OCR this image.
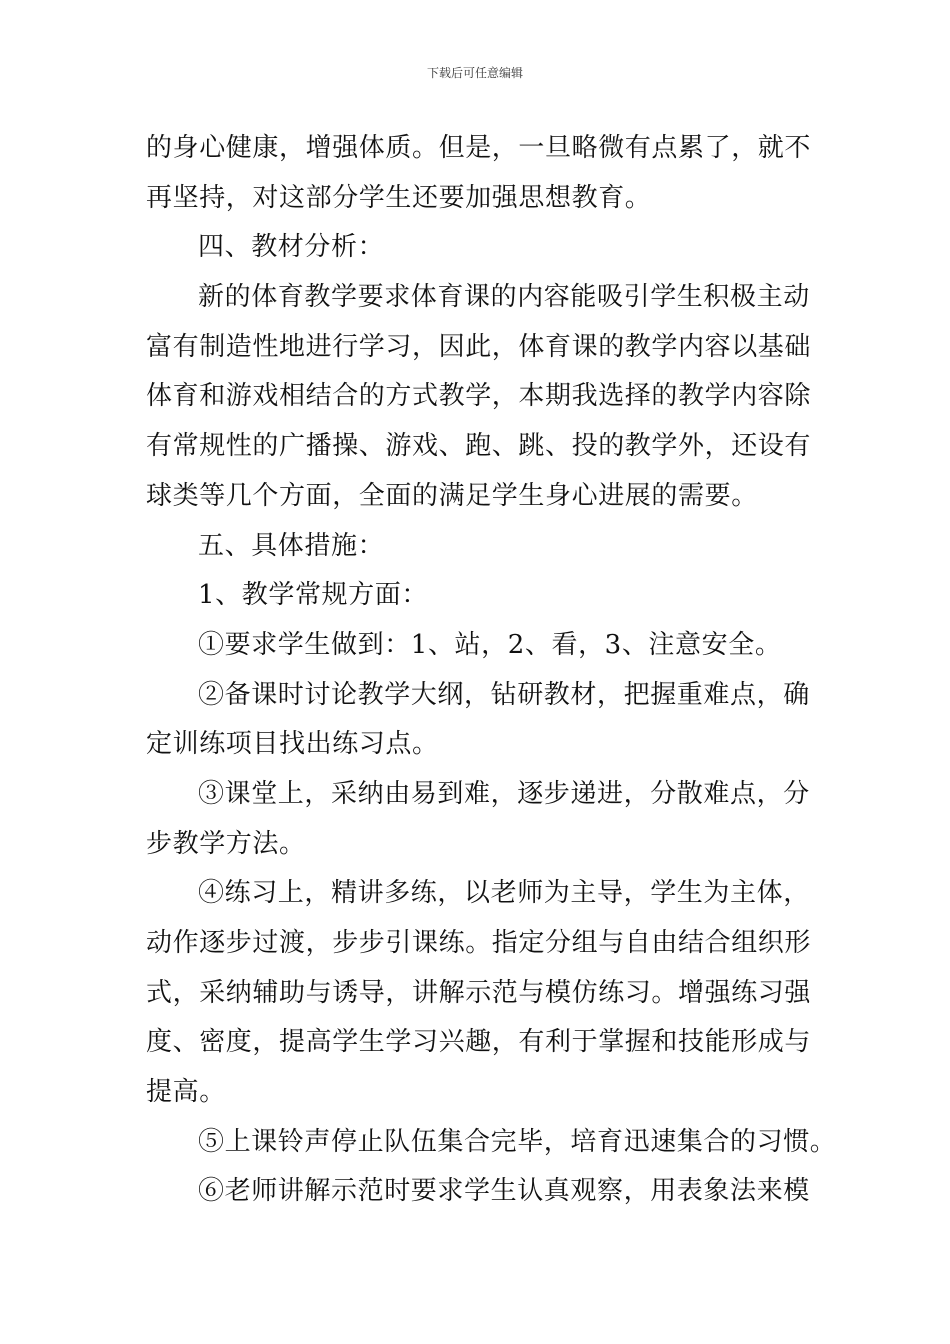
下载后可任意编辑
的身心健康，增强体质。但是，一旦略微有点累了，就不
再坚持，对这部分学生还要加强思想教育。
四、教材分析：
新的体育教学要求体育课的内容能吸引学生积极主动
富有制造性地进行学习，因此，体育课的教学内容以基础
体育和游戏相结合的方式教学，本期我选择的教学内容除
有常规性的广播操、游戏、跑、跳、投的教学外，还设有
球类等几个方面，全面的满足学生身心进展的需要。
五、具体措施：
1、教学常规方面：
①要求学生做到：1、站，2、看，3、注意安全。
②备课时讨论教学大纲，钻研教材，把握重难点，确
定训练项目找出练习点。
③课堂上，采纳由易到难，逐步递进，分散难点，分
步教学方法。
④练习上，精讲多练，以老师为主导，学生为主体，
动作逐步过渡，步步引课练。指定分组与自由结合组织形
式，采纳辅助与诱导，讲解示范与模仿练习。增强练习强
度、密度，提高学生学习兴趣，有利于掌握和技能形成与
提高。
⑤上课铃声停止队伍集合完毕，培育迅速集合的习惯。
⑥老师讲解示范时要求学生认真观察，用表象法来模
